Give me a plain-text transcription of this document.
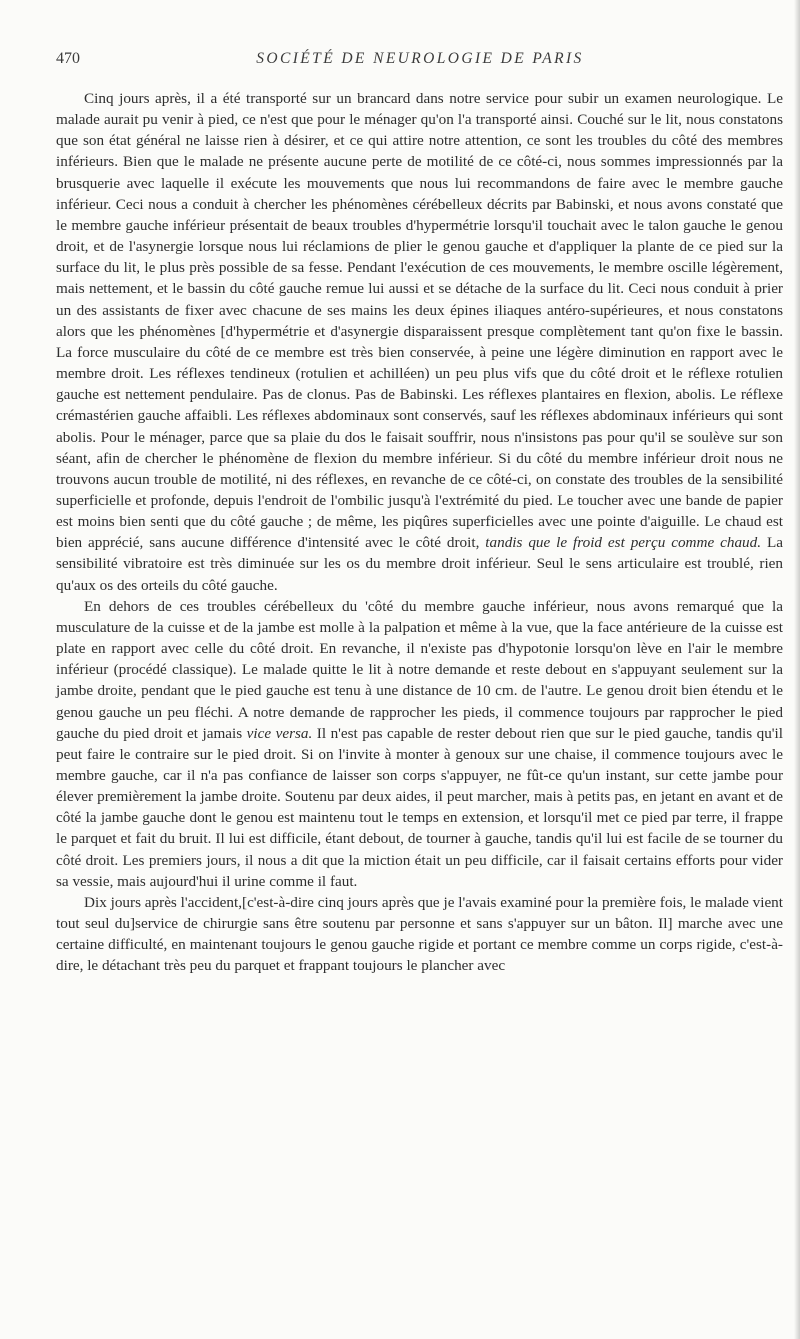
470	SOCIÉTÉ DE NEUROLOGIE DE PARIS

Cinq jours après, il a été transporté sur un brancard dans notre service pour subir un examen neurologique. Le malade aurait pu venir à pied, ce n'est que pour le ménager qu'on l'a transporté ainsi. Couché sur le lit, nous constatons que son état général ne laisse rien à désirer, et ce qui attire notre attention, ce sont les troubles du côté des membres inférieurs. Bien que le malade ne présente aucune perte de motilité de ce côté-ci, nous sommes impressionnés par la brusquerie avec laquelle il exécute les mouvements que nous lui recommandons de faire avec le membre gauche inférieur. Ceci nous a conduit à chercher les phénomènes cérébelleux décrits par Babinski, et nous avons constaté que le membre gauche inférieur présentait de beaux troubles d'hypermétrie lorsqu'il touchait avec le talon gauche le genou droit, et de l'asynergie lorsque nous lui réclamions de plier le genou gauche et d'appliquer la plante de ce pied sur la surface du lit, le plus près possible de sa fesse. Pendant l'exécution de ces mouvements, le membre oscille légèrement, mais nettement, et le bassin du côté gauche remue lui aussi et se détache de la surface du lit. Ceci nous conduit à prier un des assistants de fixer avec chacune de ses mains les deux épines iliaques antéro-supérieures, et nous constatons alors que les phénomènes [d'hypermétrie et d'asynergie disparaissent presque complètement tant qu'on fixe le bassin. La force musculaire du côté de ce membre est très bien conservée, à peine une légère diminution en rapport avec le membre droit. Les réflexes tendineux (rotulien et achilléen) un peu plus vifs que du côté droit et le réflexe rotulien gauche est nettement pendulaire. Pas de clonus. Pas de Babinski. Les réflexes plantaires en flexion, abolis. Le réflexe crémastérien gauche affaibli. Les réflexes abdominaux sont conservés, sauf les réflexes abdominaux inférieurs qui sont abolis. Pour le ménager, parce que sa plaie du dos le faisait souffrir, nous n'insistons pas pour qu'il se soulève sur son séant, afin de chercher le phénomène de flexion du membre inférieur. Si du côté du membre inférieur droit nous ne trouvons aucun trouble de motilité, ni des réflexes, en revanche de ce côté-ci, on constate des troubles de la sensibilité superficielle et profonde, depuis l'endroit de l'ombilic jusqu'à l'extrémité du pied. Le toucher avec une bande de papier est moins bien senti que du côté gauche ; de même, les piqûres superficielles avec une pointe d'aiguille. Le chaud est bien apprécié, sans aucune différence d'intensité avec le côté droit, tandis que le froid est perçu comme chaud. La sensibilité vibratoire est très diminuée sur les os du membre droit inférieur. Seul le sens articulaire est troublé, rien qu'aux os des orteils du côté gauche.

En dehors de ces troubles cérébelleux du 'côté du membre gauche inférieur, nous avons remarqué que la musculature de la cuisse et de la jambe est molle à la palpation et même à la vue, que la face antérieure de la cuisse est plate en rapport avec celle du côté droit. En revanche, il n'existe pas d'hypotonie lorsqu'on lève en l'air le membre inférieur (procédé classique). Le malade quitte le lit à notre demande et reste debout en s'appuyant seulement sur la jambe droite, pendant que le pied gauche est tenu à une distance de 10 cm. de l'autre. Le genou droit bien étendu et le genou gauche un peu fléchi. A notre demande de rapprocher les pieds, il commence toujours par rapprocher le pied gauche du pied droit et jamais vice versa. Il n'est pas capable de rester debout rien que sur le pied gauche, tandis qu'il peut faire le contraire sur le pied droit. Si on l'invite à monter à genoux sur une chaise, il commence toujours avec le membre gauche, car il n'a pas confiance de laisser son corps s'appuyer, ne fût-ce qu'un instant, sur cette jambe pour élever premièrement la jambe droite. Soutenu par deux aides, il peut marcher, mais à petits pas, en jetant en avant et de côté la jambe gauche dont le genou est maintenu tout le temps en extension, et lorsqu'il met ce pied par terre, il frappe le parquet et fait du bruit. Il lui est difficile, étant debout, de tourner à gauche, tandis qu'il lui est facile de se tourner du côté droit. Les premiers jours, il nous a dit que la miction était un peu difficile, car il faisait certains efforts pour vider sa vessie, mais aujourd'hui il urine comme il faut.

Dix jours après l'accident,[c'est-à-dire cinq jours après que je l'avais examiné pour la première fois, le malade vient tout seul du]service de chirurgie sans être soutenu par personne et sans s'appuyer sur un bâton. Il] marche avec une certaine difficulté, en maintenant toujours le genou gauche rigide et portant ce membre comme un corps rigide, c'est-à-dire, le détachant très peu du parquet et frappant toujours le plancher avec
